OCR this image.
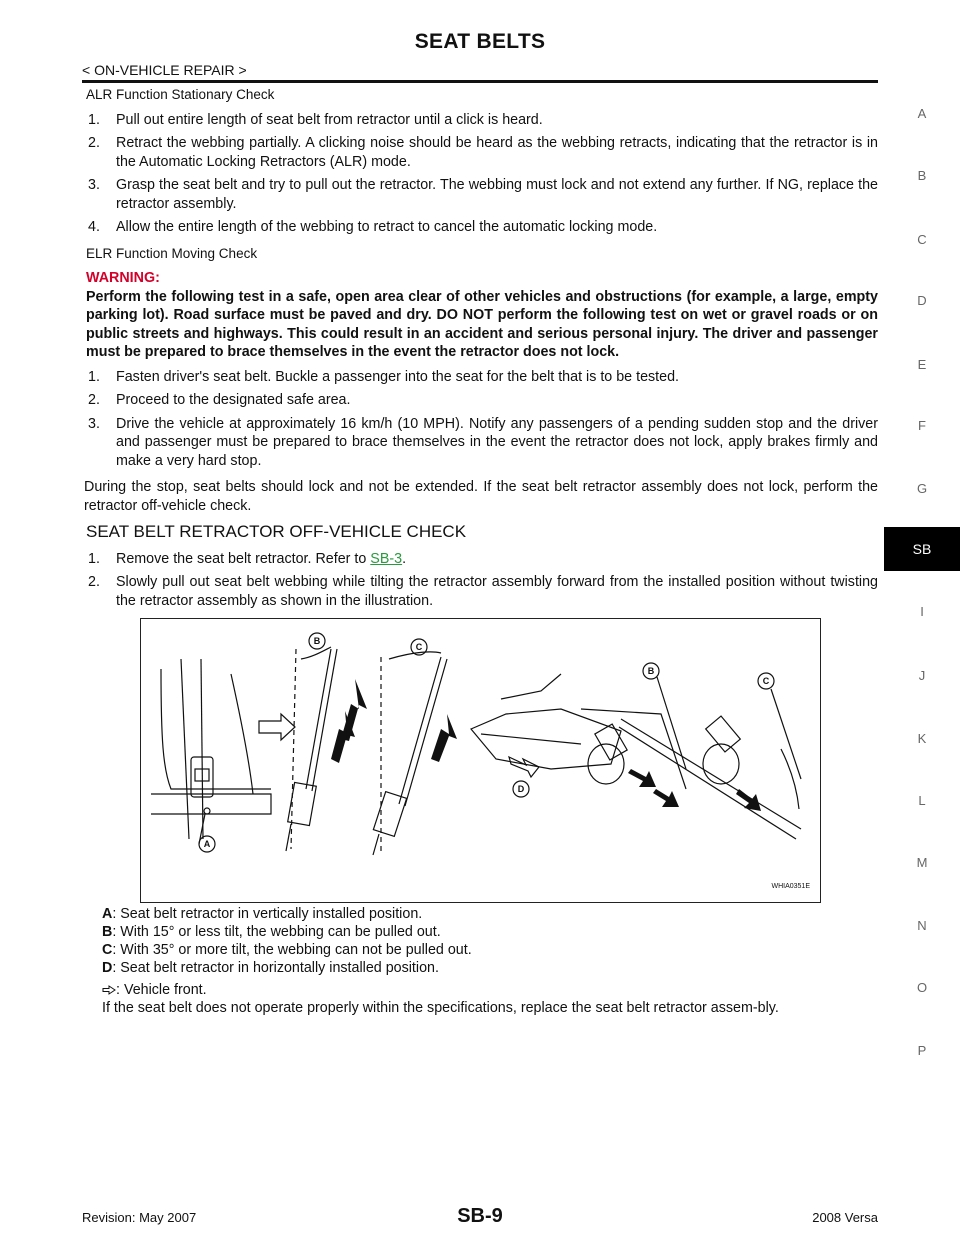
SEAT BELTS
< ON-VEHICLE REPAIR >
A
B
C
D
E
F
G
SB
I
J
K
L
M
N
O
P
ALR Function Stationary Check
1. Pull out entire length of seat belt from retractor until a click is heard.
2. Retract the webbing partially. A clicking noise should be heard as the webbing retracts, indicating that the retractor is in the Automatic Locking Retractors (ALR) mode.
3. Grasp the seat belt and try to pull out the retractor. The webbing must lock and not extend any further. If NG, replace the retractor assembly.
4. Allow the entire length of the webbing to retract to cancel the automatic locking mode.
ELR Function Moving Check
WARNING:
Perform the following test in a safe, open area clear of other vehicles and obstructions (for example, a large, empty parking lot). Road surface must be paved and dry. DO NOT perform the following test on wet or gravel roads or on public streets and highways. This could result in an accident and serious personal injury. The driver and passenger must be prepared to brace themselves in the event the retractor does not lock.
1. Fasten driver's seat belt. Buckle a passenger into the seat for the belt that is to be tested.
2. Proceed to the designated safe area.
3. Drive the vehicle at approximately 16 km/h (10 MPH). Notify any passengers of a pending sudden stop and the driver and passenger must be prepared to brace themselves in the event the retractor does not lock, apply brakes firmly and make a very hard stop.
During the stop, seat belts should lock and not be extended. If the seat belt retractor assembly does not lock, perform the retractor off-vehicle check.
SEAT BELT RETRACTOR OFF-VEHICLE CHECK
1. Remove the seat belt retractor. Refer to SB-3.
2. Slowly pull out seat belt webbing while tilting the retractor assembly forward from the installed position without twisting the retractor assembly as shown in the illustration.
A
B
C
D
B
C
WHIA0351E
A: Seat belt retractor in vertically installed position.
B: With 15° or less tilt, the webbing can be pulled out.
C: With 35° or more tilt, the webbing can not be pulled out.
D: Seat belt retractor in horizontally installed position.
: Vehicle front.
If the seat belt does not operate properly within the specifications, replace the seat belt retractor assem-bly.
Revision: May 2007	SB-9	2008 Versa
